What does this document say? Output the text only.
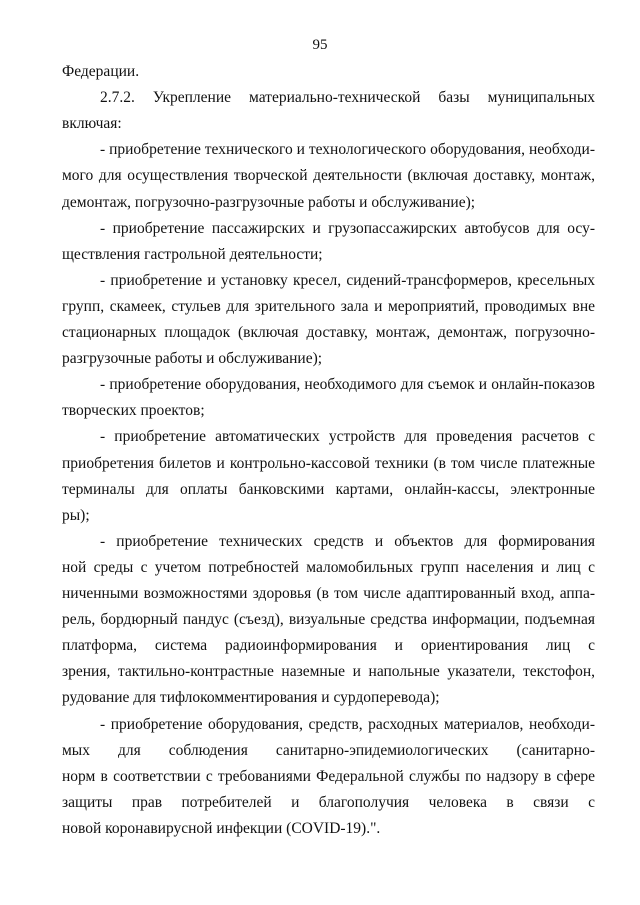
95
Федерации.
2.7.2. Укрепление материально-технической базы муниципальных
включая:
- приобретение технического и технологического оборудования, необходи-
мого для осуществления творческой деятельности (включая доставку, монтаж,
демонтаж, погрузочно-разгрузочные работы и обслуживание);
- приобретение пассажирских и грузопассажирских автобусов для осу-
ществления гастрольной деятельности;
- приобретение и установку кресел, сидений-трансформеров, кресельных
групп, скамеек, стульев для зрительного зала и мероприятий, проводимых вне
стационарных площадок (включая доставку, монтаж, демонтаж, погрузочно-
разгрузочные работы и обслуживание);
- приобретение оборудования, необходимого для съемок и онлайн-показов
творческих проектов;
- приобретение автоматических устройств для проведения расчетов с
приобретения билетов и контрольно-кассовой техники (в том числе платежные
терминалы для оплаты банковскими картами, онлайн-кассы, электронные
ры);
- приобретение технических средств и объектов для формирования
ной среды с учетом потребностей маломобильных групп населения и лиц с
ниченными возможностями здоровья (в том числе адаптированный вход, аппа-
рель, бордюрный пандус (съезд), визуальные средства информации, подъемная
платформа, система радиоинформирования и ориентирования лиц с
зрения, тактильно-контрастные наземные и напольные указатели, текстофон,
рудование для тифлокомментирования и сурдоперевода);
- приобретение оборудования, средств, расходных материалов, необходи-
мых для соблюдения санитарно-эпидемиологических (санитарно-
норм в соответствии с требованиями Федеральной службы по надзору в сфере
защиты прав потребителей и благополучия человека в связи с
новой коронавирусной инфекции (COVID-19).".
